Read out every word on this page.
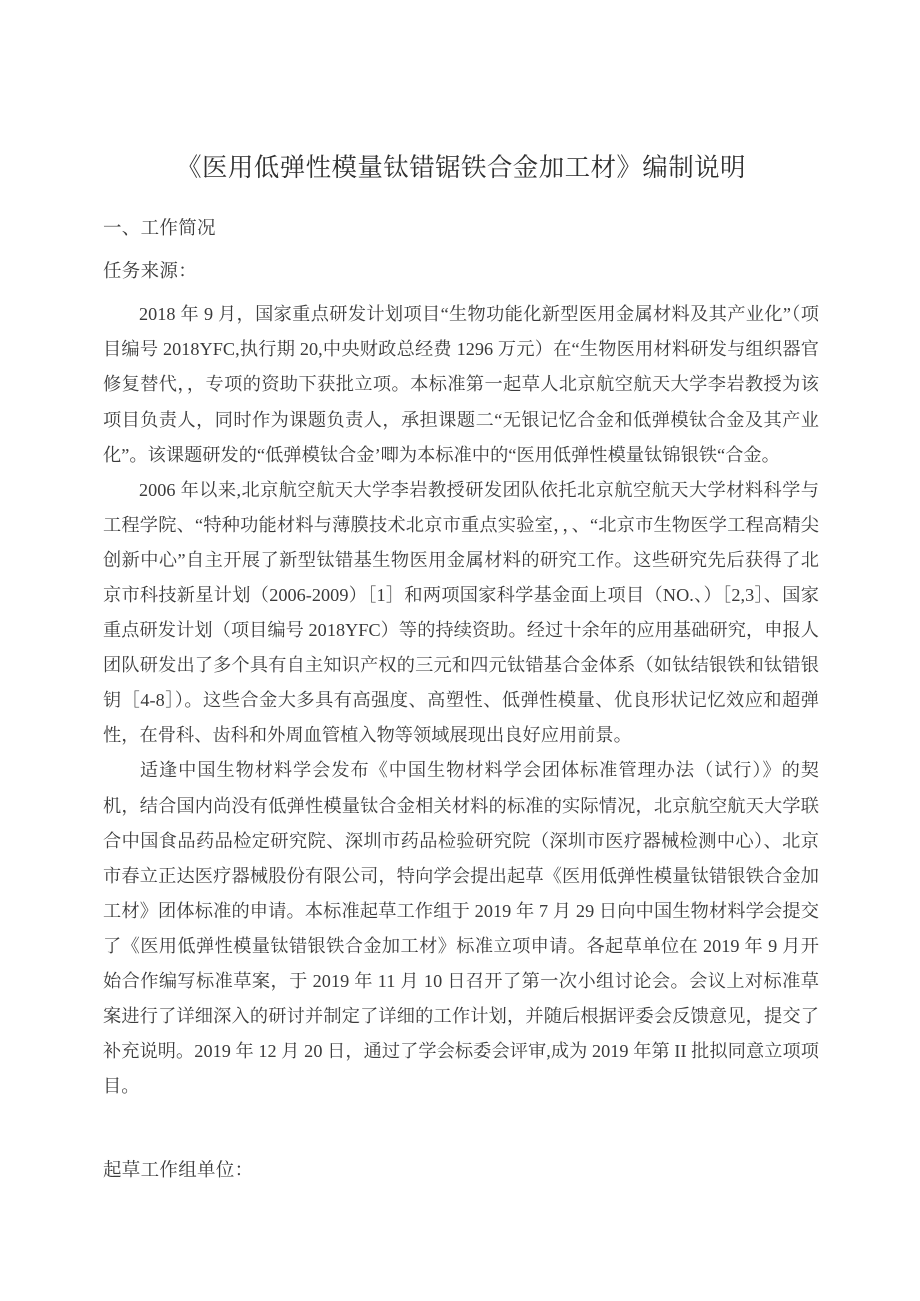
《医用低弹性模量钛错锯铁合金加工材》编制说明
一、工作简况

任务来源：

2018 年 9 月，国家重点研发计划项目“生物功能化新型医用金属材料及其产业化”（项目编号 2018YFC,执行期 20,中央财政总经费 1296 万元）在“生物医用材料研发与组织器官修复替代，，专项的资助下获批立项。本标准第一起草人北京航空航天大学李岩教授为该项目负责人，同时作为课题负责人，承担课题二“无银记忆合金和低弹模钛合金及其产业化”。该课题研发的“低弹模钛合金’唧为本标准中的“医用低弹性模量钛锦银铁“合金。

2006 年以来,北京航空航天大学李岩教授研发团队依托北京航空航天大学材料科学与工程学院、“特种功能材料与薄膜技术北京市重点实验室，，、“北京市生物医学工程高精尖创新中心”自主开展了新型钛错基生物医用金属材料的研究工作。这些研究先后获得了北京市科技新星计划（2006-2009）［1］和两项国家科学基金面上项目（NO.、）［2,3］、国家重点研发计划（项目编号 2018YFC）等的持续资助。经过十余年的应用基础研究，申报人团队研发出了多个具有自主知识产权的三元和四元钛错基合金体系（如钛结银铁和钛错银钥［4-8］）。这些合金大多具有高强度、高塑性、低弹性模量、优良形状记忆效应和超弹性，在骨科、齿科和外周血管植入物等领域展现出良好应用前景。

适逢中国生物材料学会发布《中国生物材料学会团体标准管理办法（试行）》的契机，结合国内尚没有低弹性模量钛合金相关材料的标准的实际情况，北京航空航天大学联合中国食品药品检定研究院、深圳市药品检验研究院（深圳市医疗器械检测中心）、北京市春立正达医疗器械股份有限公司，特向学会提出起草《医用低弹性模量钛错银铁合金加工材》团体标准的申请。本标准起草工作组于 2019 年 7 月 29 日向中国生物材料学会提交了《医用低弹性模量钛错银铁合金加工材》标准立项申请。各起草单位在 2019 年 9 月开始合作编写标准草案，于 2019 年 11 月 10 日召开了第一次小组讨论会。会议上对标准草案进行了详细深入的研讨并制定了详细的工作计划，并随后根据评委会反馈意见，提交了补充说明。2019 年 12 月 20 日，通过了学会标委会评审,成为 2019 年第 II 批拟同意立项项目。

起草工作组单位：
